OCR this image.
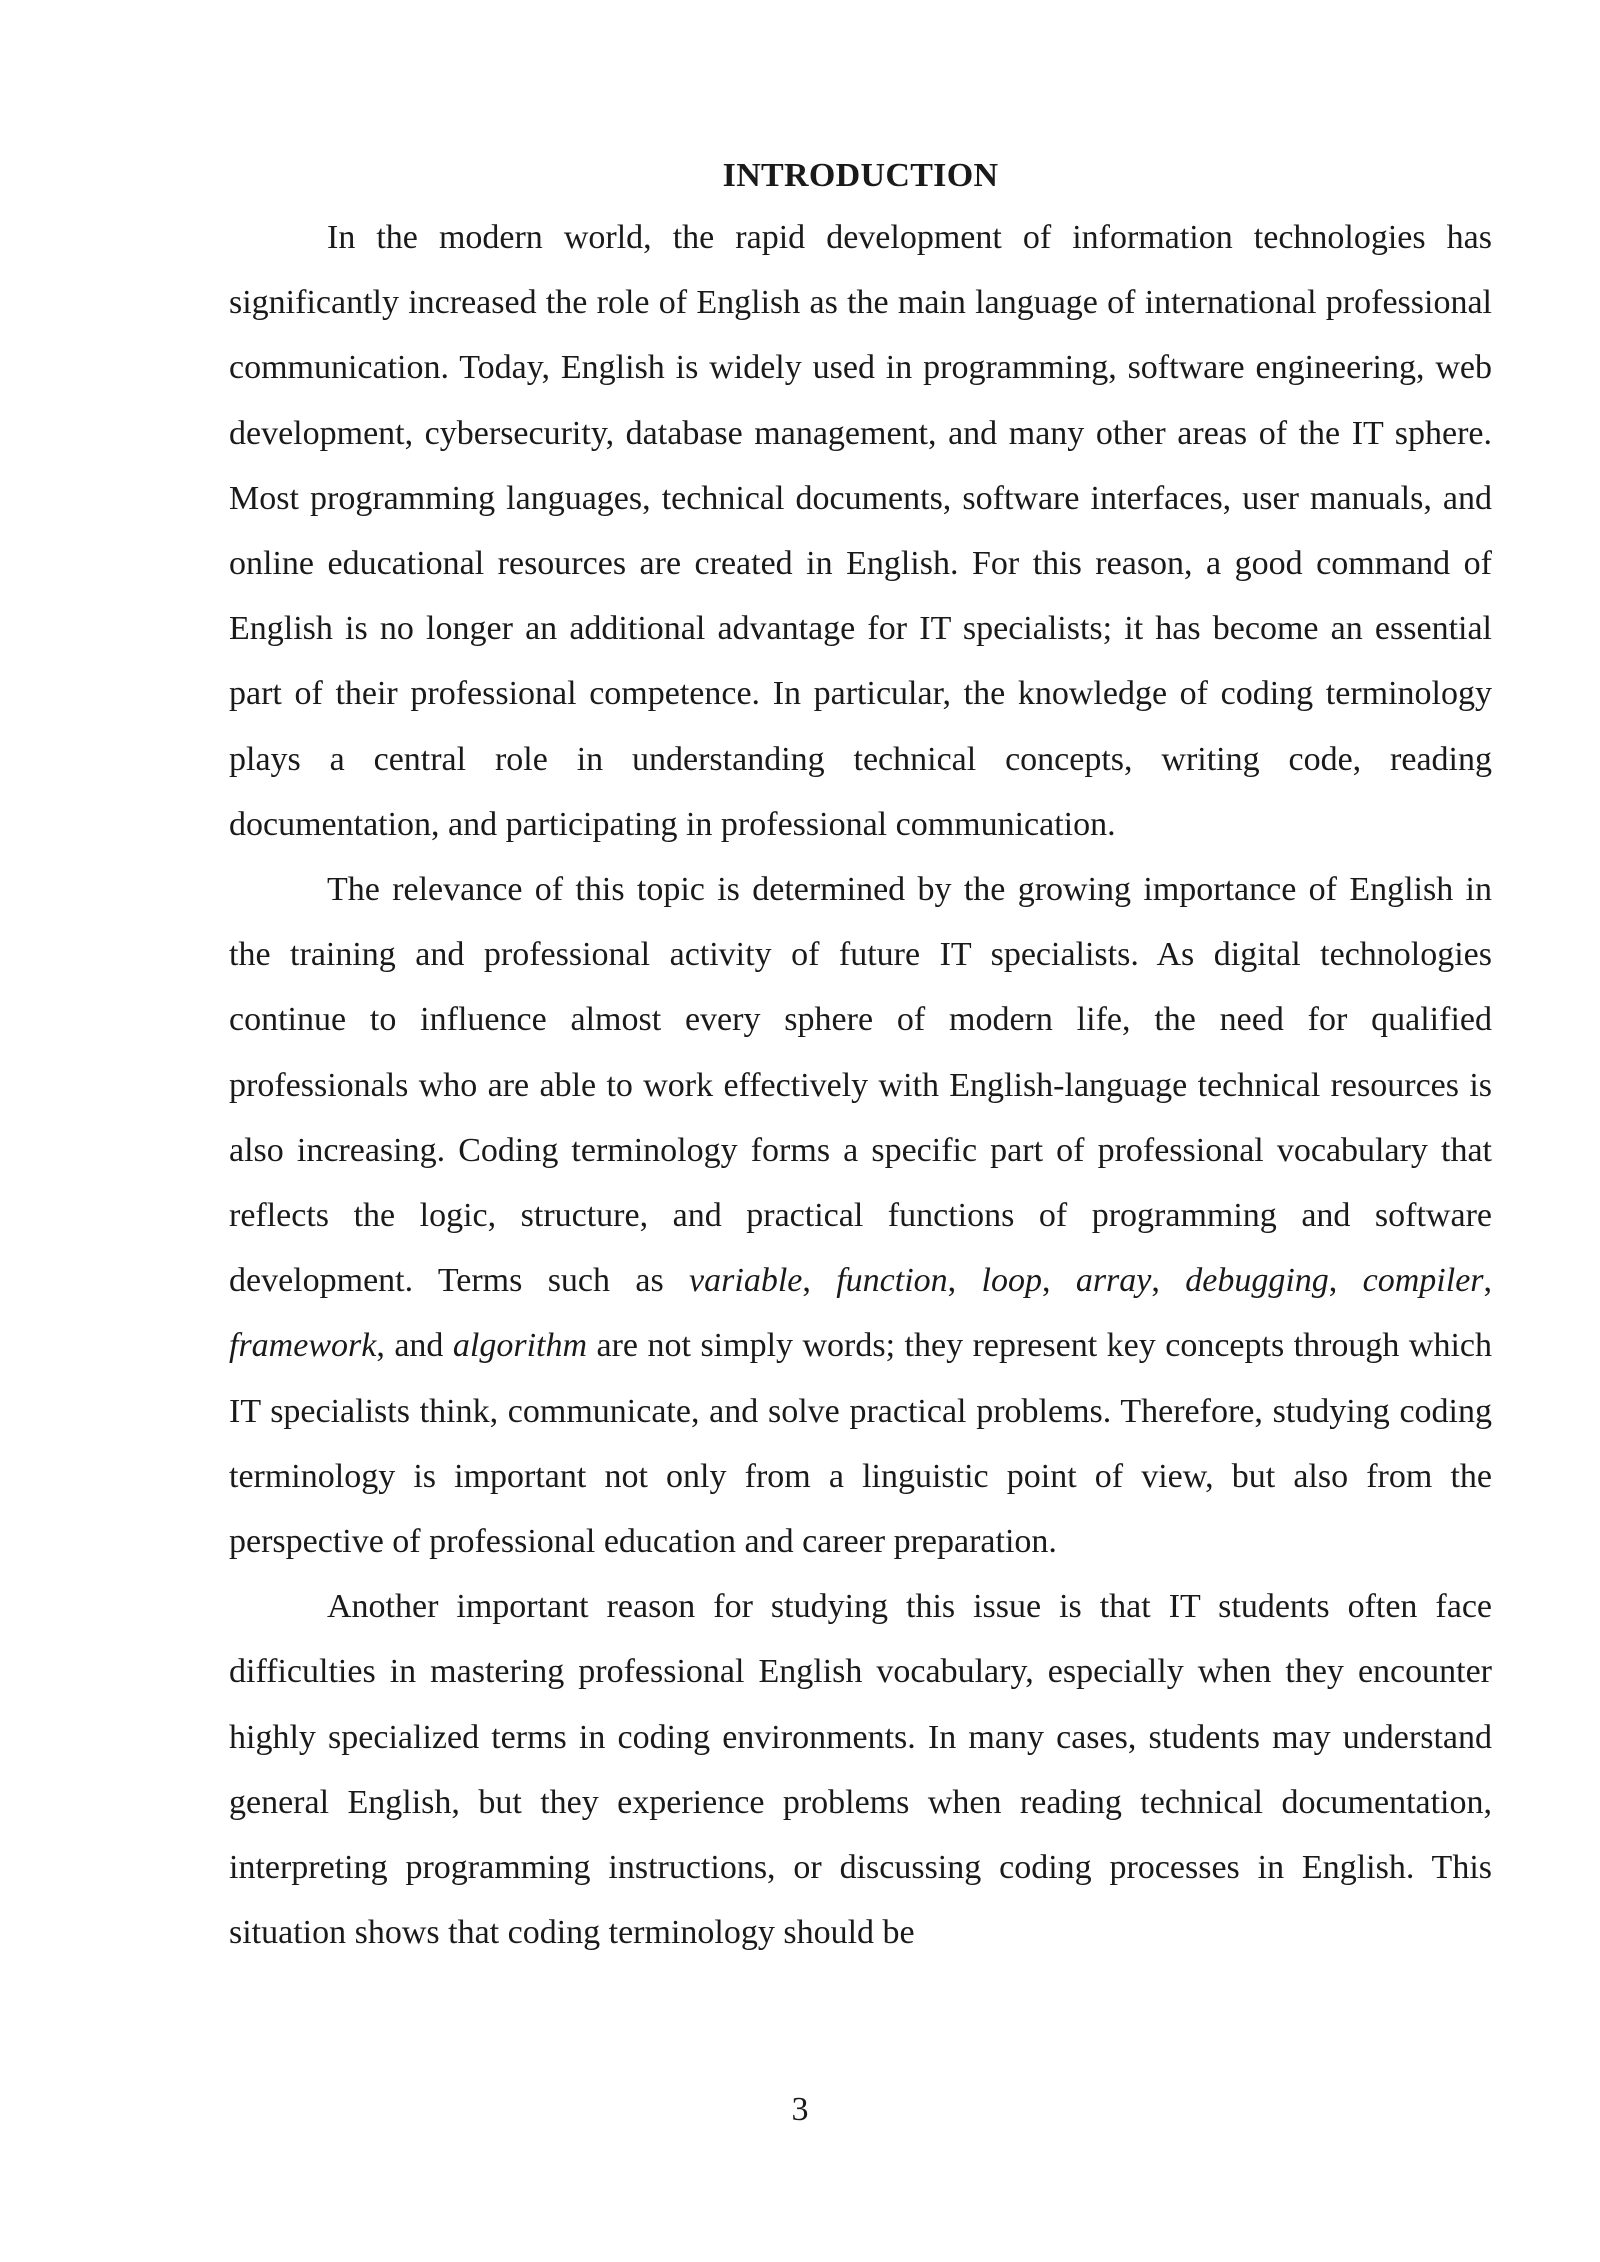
INTRODUCTION

In the modern world, the rapid development of information technologies has significantly increased the role of English as the main language of international professional communication. Today, English is widely used in programming, software engineering, web development, cybersecurity, database management, and many other areas of the IT sphere. Most programming languages, technical documents, software interfaces, user manuals, and online educational resources are created in English. For this reason, a good command of English is no longer an additional advantage for IT specialists; it has become an essential part of their professional competence. In particular, the knowledge of coding terminology plays a central role in understanding technical concepts, writing code, reading documentation, and participating in professional communication.

The relevance of this topic is determined by the growing importance of English in the training and professional activity of future IT specialists. As digital technologies continue to influence almost every sphere of modern life, the need for qualified professionals who are able to work effectively with English-language technical resources is also increasing. Coding terminology forms a specific part of professional vocabulary that reflects the logic, structure, and practical functions of programming and software development. Terms such as variable, function, loop, array, debugging, compiler, framework, and algorithm are not simply words; they represent key concepts through which IT specialists think, communicate, and solve practical problems. Therefore, studying coding terminology is important not only from a linguistic point of view, but also from the perspective of professional education and career preparation.

Another important reason for studying this issue is that IT students often face difficulties in mastering professional English vocabulary, especially when they encounter highly specialized terms in coding environments. In many cases, students may understand general English, but they experience problems when reading technical documentation, interpreting programming instructions, or discussing coding processes in English. This situation shows that coding terminology should be

3
